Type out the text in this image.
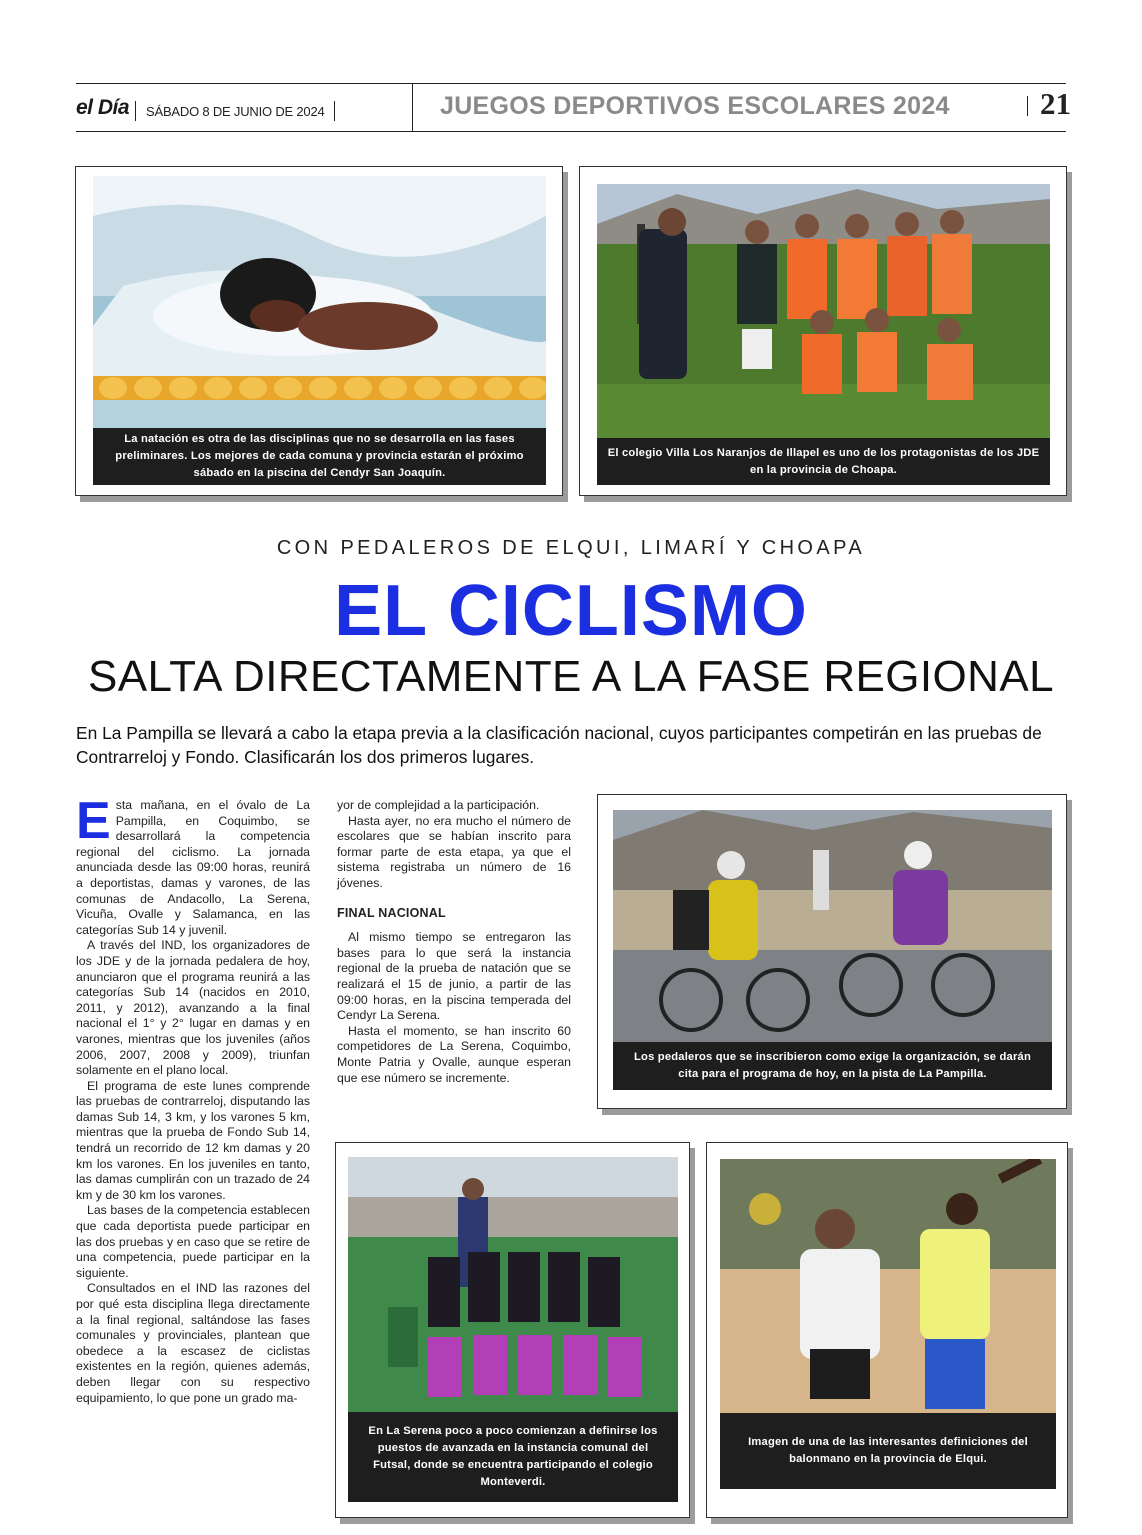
el Día SÁBADO 8 DE JUNIO DE 2024	JUEGOS DEPORTIVOS ESCOLARES 2024	21
La natación es otra de las disciplinas que no se desarrolla en las fases preliminares. Los mejores de cada comuna y provincia estarán el próximo sábado en la piscina del Cendyr San Joaquín.
El colegio Villa Los Naranjos de Illapel es uno de los protagonistas de los JDE en la provincia de Choapa.
CON PEDALEROS DE ELQUI, LIMARÍ Y CHOAPA
EL CICLISMO
SALTA DIRECTAMENTE A LA FASE REGIONAL
En La Pampilla se llevará a cabo la etapa previa a la clasificación nacional, cuyos participantes competirán en las pruebas de Contrarreloj y Fondo. Clasificarán los dos primeros lugares.

Esta mañana, en el óvalo de La Pampilla, en Coquimbo, se desarrollará la competencia regional del ciclismo. La jornada anunciada desde las 09:00 horas, reunirá a deportistas, damas y varones, de las comunas de Andacollo, La Serena, Vicuña, Ovalle y Salamanca, en las categorías Sub 14 y juvenil.

A través del IND, los organizadores de los JDE y de la jornada pedalera de hoy, anunciaron que el programa reunirá a las categorías Sub 14 (nacidos en 2010, 2011, y 2012), avanzando a la final nacional el 1° y 2° lugar en damas y en varones, mientras que los juveniles (años 2006, 2007, 2008 y 2009), triunfan solamente en el plano local.

El programa de este lunes comprende las pruebas de contrarreloj, disputando las damas Sub 14, 3 km, y los varones 5 km, mientras que la prueba de Fondo Sub 14, tendrá un recorrido de 12 km damas y 20 km los varones. En los juveniles en tanto, las damas cumplirán con un trazado de 24 km y de 30 km los varones.

Las bases de la competencia establecen que cada deportista puede participar en las dos pruebas y en caso que se retire de una competencia, puede participar en la siguiente.

Consultados en el IND las razones del por qué esta disciplina llega directamente a la final regional, saltándose las fases comunales y provinciales, plantean que obedece a la escasez de ciclistas existentes en la región, quienes además, deben llegar con su respectivo equipamiento, lo que pone un grado ma-

yor de complejidad a la participación.

Hasta ayer, no era mucho el número de escolares que se habían inscrito para formar parte de esta etapa, ya que el sistema registraba un número de 16 jóvenes.

FINAL NACIONAL

Al mismo tiempo se entregaron las bases para lo que será la instancia regional de la prueba de natación que se realizará el 15 de junio, a partir de las 09:00 horas, en la piscina temperada del Cendyr La Serena.

Hasta el momento, se han inscrito 60 competidores de La Serena, Coquimbo, Monte Patria y Ovalle, aunque esperan que ese número se incremente.

Los pedaleros que se inscribieron como exige la organización, se darán cita para el programa de hoy, en la pista de La Pampilla.
En La Serena poco a poco comienzan a definirse los puestos de avanzada en la instancia comunal del Futsal, donde se encuentra participando el colegio Monteverdi.
Imagen de una de las interesantes definiciones del balonmano en la provincia de Elqui.
